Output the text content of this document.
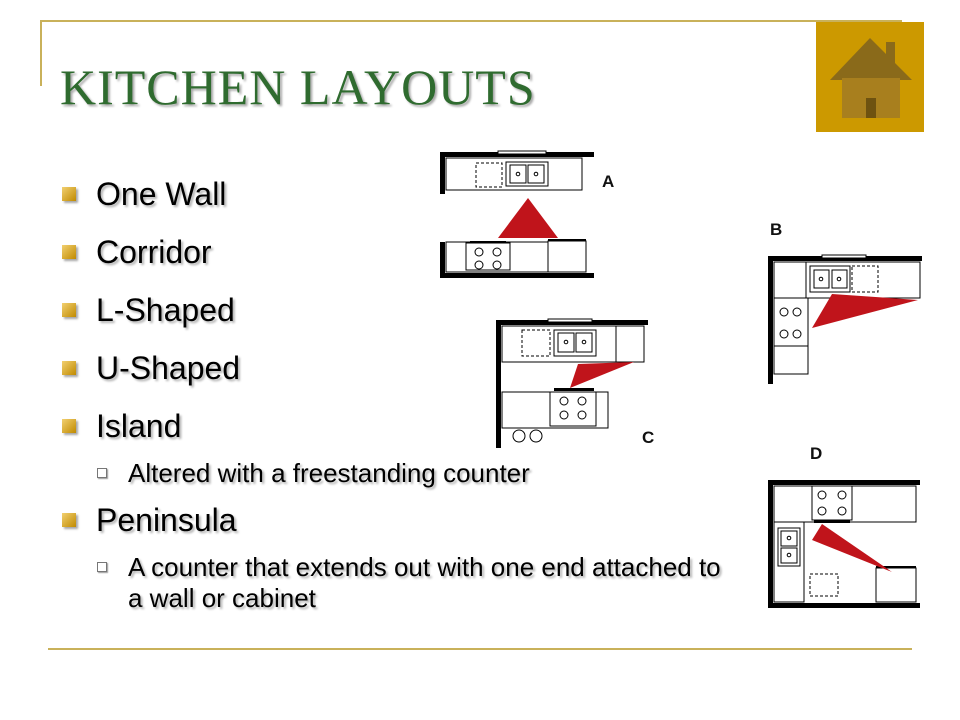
KITCHEN LAYOUTS
One Wall
Corridor
L-Shaped
U-Shaped
Island
Altered with a freestanding counter
Peninsula
A counter that extends out with one end attached to a wall or cabinet
A
B
C
D
